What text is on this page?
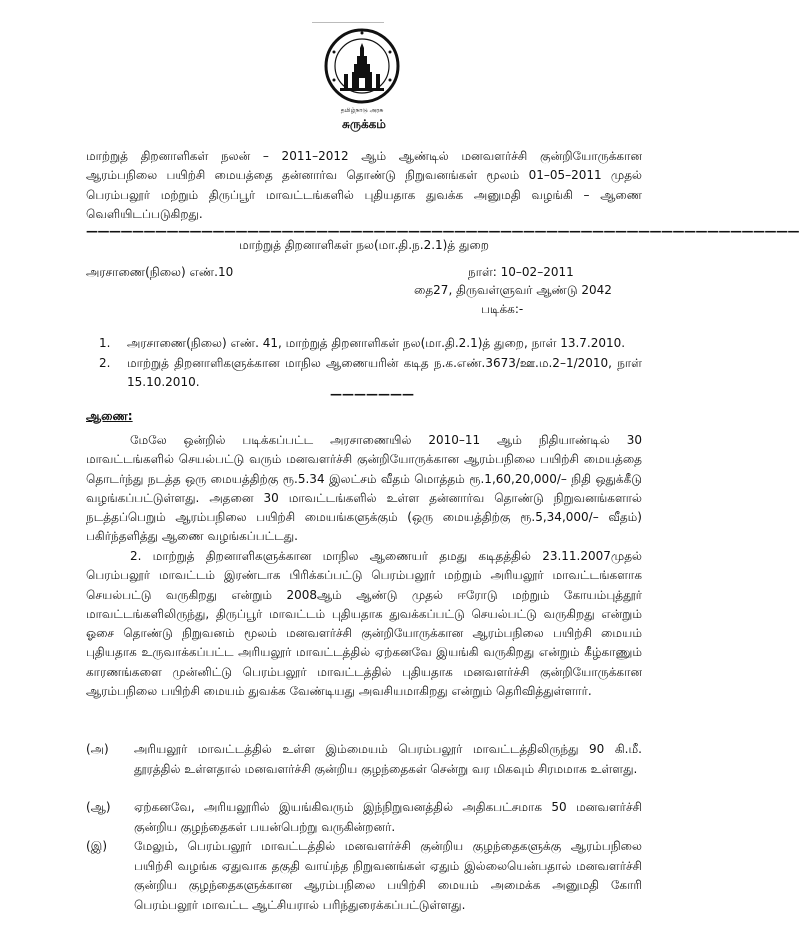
தமிழ்நாடு அரசு
சுருக்கம்

மாற்றுத் திறனாளிகள் நலன் – 2011–2012 ஆம் ஆண்டில் மனவளர்ச்சி குன்றியோருக்கான ஆரம்பநிலை பயிற்சி மையத்தை தன்னார்வ தொண்டு நிறுவனங்கள் மூலம் 01–05–2011 முதல் பெரம்பலூர் மற்றும் திருப்பூர் மாவட்டங்களில் புதியதாக துவக்க அனுமதி வழங்கி – ஆணை வெளியிடப்படுகிறது.

——————————————————————————————————————————————————————————————
மாற்றுத் திறனாளிகள் நல(மா.தி.ந.2.1)த் துறை
அரசாணை(நிலை) எண்.10	நாள்: 10–02–2011
தை27, திருவள்ளுவர் ஆண்டு 2042
படிக்க:-
1.	அரசாணை(நிலை) எண். 41, மாற்றுத் திறனாளிகள் நல(மா.தி.2.1)த் துறை, நாள் 13.7.2010.
2.	மாற்றுத் திறனாளிகளுக்கான மாநில ஆணையரின் கடித ந.க.எண்.3673/ஊ.ம.2–1/2010, நாள் 15.10.2010.
———————
ஆணை:

மேலே ஒன்றில் படிக்கப்பட்ட அரசாணையில் 2010–11 ஆம் நிதியாண்டில் 30 மாவட்டங்களில் செயல்பட்டு வரும் மனவளர்ச்சி குன்றியோருக்கான ஆரம்பநிலை பயிற்சி மையத்தை தொடர்ந்து நடத்த ஒரு மையத்திற்கு ரூ.5.34 இலட்சம் வீதம் மொத்தம் ரூ.1,60,20,000/– நிதி ஒதுக்கீடு வழங்கப்பட்டுள்ளது. அதனை 30 மாவட்டங்களில் உள்ள தன்னார்வ தொண்டு நிறுவனங்களால் நடத்தப்பெறும் ஆரம்பநிலை பயிற்சி மையங்களுக்கும் (ஒரு மையத்திற்கு ரூ.5,34,000/– வீதம்) பகிர்ந்தளித்து ஆணை வழங்கப்பட்டது.

2. மாற்றுத் திறனாளிகளுக்கான மாநில ஆணையர் தமது கடிதத்தில் 23.11.2007முதல் பெரம்பலூர் மாவட்டம் இரண்டாக பிரிக்கப்பட்டு பெரம்பலூர் மற்றும் அரியலூர் மாவட்டங்களாக செயல்பட்டு வருகிறது என்றும் 2008ஆம் ஆண்டு முதல் ஈரோடு மற்றும் கோயம்புத்தூர் மாவட்டங்களிலிருந்து, திருப்பூர் மாவட்டம் புதியதாக துவக்கப்பட்டு செயல்பட்டு வருகிறது என்றும் ஓசை தொண்டு நிறுவனம் மூலம் மனவளர்ச்சி குன்றியோருக்கான ஆரம்பநிலை பயிற்சி மையம் புதியதாக உருவாக்கப்பட்ட அரியலூர் மாவட்டத்தில் ஏற்கனவே இயங்கி வருகிறது என்றும் கீழ்காணும் காரணங்களை முன்னிட்டு பெரம்பலூர் மாவட்டத்தில் புதியதாக மனவளர்ச்சி குன்றியோருக்கான ஆரம்பநிலை பயிற்சி மையம் துவக்க வேண்டியது அவசியமாகிறது என்றும் தெரிவித்துள்ளார்.

(அ)	அரியலூர் மாவட்டத்தில் உள்ள இம்மையம் பெரம்பலூர் மாவட்டத்திலிருந்து 90 கி.மீ. தூரத்தில் உள்ளதால் மனவளர்ச்சி குன்றிய குழந்தைகள் சென்று வர மிகவும் சிரமமாக உள்ளது.
(ஆ)	ஏற்கனவே, அரியலூரில் இயங்கிவரும் இந்நிறுவனத்தில் அதிகபட்சமாக 50 மனவளர்ச்சி குன்றிய குழந்தைகள் பயன்பெற்று வருகின்றனர்.
(இ)	மேலும், பெரம்பலூர் மாவட்டத்தில் மனவளர்ச்சி குன்றிய குழந்தைகளுக்கு ஆரம்பநிலை பயிற்சி வழங்க ஏதுவாக தகுதி வாய்ந்த நிறுவனங்கள் ஏதும் இல்லையென்பதால் மனவளர்ச்சி குன்றிய குழந்தைகளுக்கான ஆரம்பநிலை பயிற்சி மையம் அமைக்க அனுமதி கோரி பெரம்பலூர் மாவட்ட ஆட்சியரால் பரிந்துரைக்கப்பட்டுள்ளது.
